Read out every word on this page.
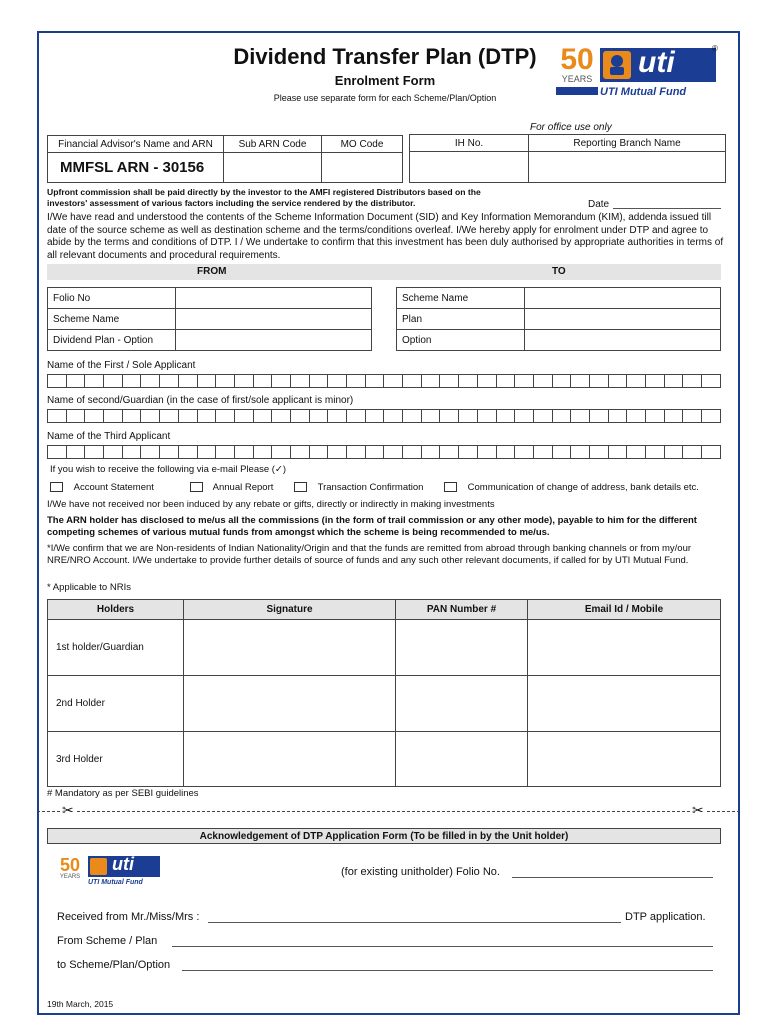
Dividend Transfer Plan (DTP)
Enrolment Form
Please use separate form for each Scheme/Plan/Option
50
YEARS uti	®
UTI Mutual Fund
For office use only
Financial Advisor's Name and ARN	Sub ARN Code	MO Code
MMFSL ARN - 30156		
IH No.	Reporting Branch Name

Upfront commission shall be paid directly by the investor to the AMFI registered Distributors based on the investors' assessment of various factors including the service rendered by the distributor.	Date
I/We have read and understood the contents of the Scheme Information Document (SID) and Key Information Memorandum (KIM), addenda issued till date of the source scheme as well as destination scheme and the terms/conditions overleaf. I/We hereby apply for enrolment under DTP and agree to abide by the terms and conditions of DTP. I / We undertake to confirm that this investment has been duly authorised by appropriate authorities in terms of all relevant documents and procedural requirements.
FROM	TO
Folio No	
Scheme Name	
Dividend Plan - Option	
Scheme Name	
Plan	
Option	
Name of the First / Sole Applicant
Name of second/Guardian (in the case of first/sole applicant is minor)
Name of the Third Applicant
If you wish to receive the following via e-mail Please (✓)
Account Statement	Annual Report	Transaction Confirmation	Communication of change of address, bank details etc.
I/We have not received nor been induced by any rebate or gifts, directly or indirectly in making investments
The ARN holder has disclosed to me/us all the commissions (in the form of trail commission or any other mode), payable to him for the different competing schemes of various mutual funds from amongst which the scheme is being recommended to me/us.
*I/We confirm that we are Non-residents of Indian Nationality/Origin and that the funds are remitted from abroad through banking channels or from my/our NRE/NRO Account. I/We undertake to provide further details of source of funds and any such other relevant documents, if called for by UTI Mutual Fund.
* Applicable to NRIs
Holders	Signature	PAN Number #	Email Id / Mobile
1st holder/Guardian			
2nd Holder			
3rd Holder			
# Mandatory as per SEBI guidelines
✂	✂
Acknowledgement of DTP Application Form (To be filled in by the Unit holder)
50
YEARS
uti
UTI Mutual Fund
(for existing unitholder) Folio No.
Received from Mr./Miss/Mrs :	DTP application.
From Scheme / Plan
to Scheme/Plan/Option
19th March, 2015
